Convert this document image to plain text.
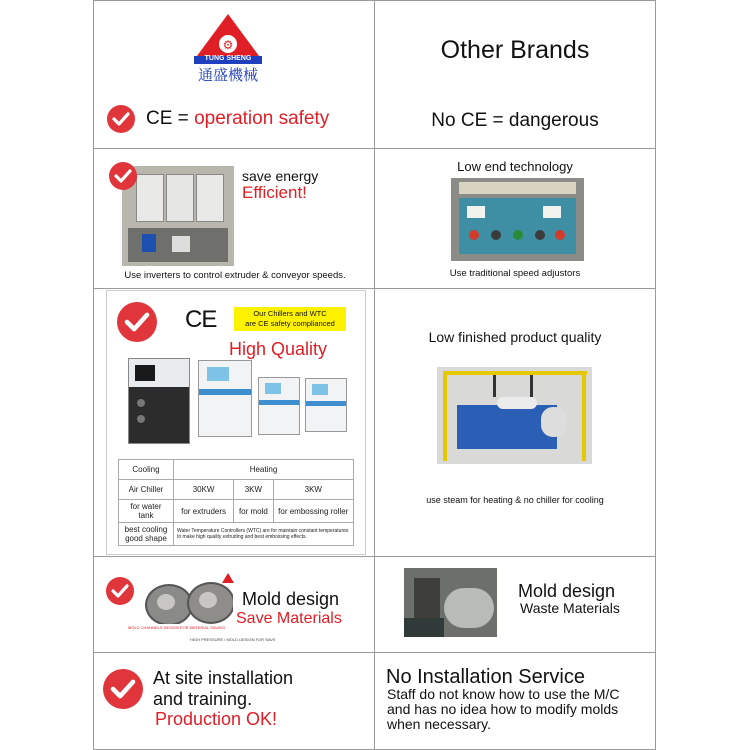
⚙
TUNG SHENG
通盛機械
CE = operation safety
Other Brands
No CE = dangerous
save energy
Efficient!
Use inverters to control extruder & conveyor speeds.
Low end technology
Use traditional speed adjustors
CE	Our Chillers and WTC
are CE safety complianced
High Quality
Cooling	Heating		
Air Chiller	30KW	3KW	3KW
for water tank	for extruders	for mold	for embossing roller
best cooling good shape	Water Temperature Controllers (WTC) are for maintain constant temperatures to make high quality extruding and best embossing effects.		
Low finished product quality
use steam for heating & no chiller for cooling
MOLD CHANNELS DESIGN FOR MATERIAL SAVING
HIGH PRESSURE / MOLD DESIGN FOR SAVE
Mold design
Save Materials
Mold design
Waste Materials
At site installation
and training.
Production OK!
No Installation Service
Staff do not know how to use the M/C
and has no idea how to modify molds
when necessary.
